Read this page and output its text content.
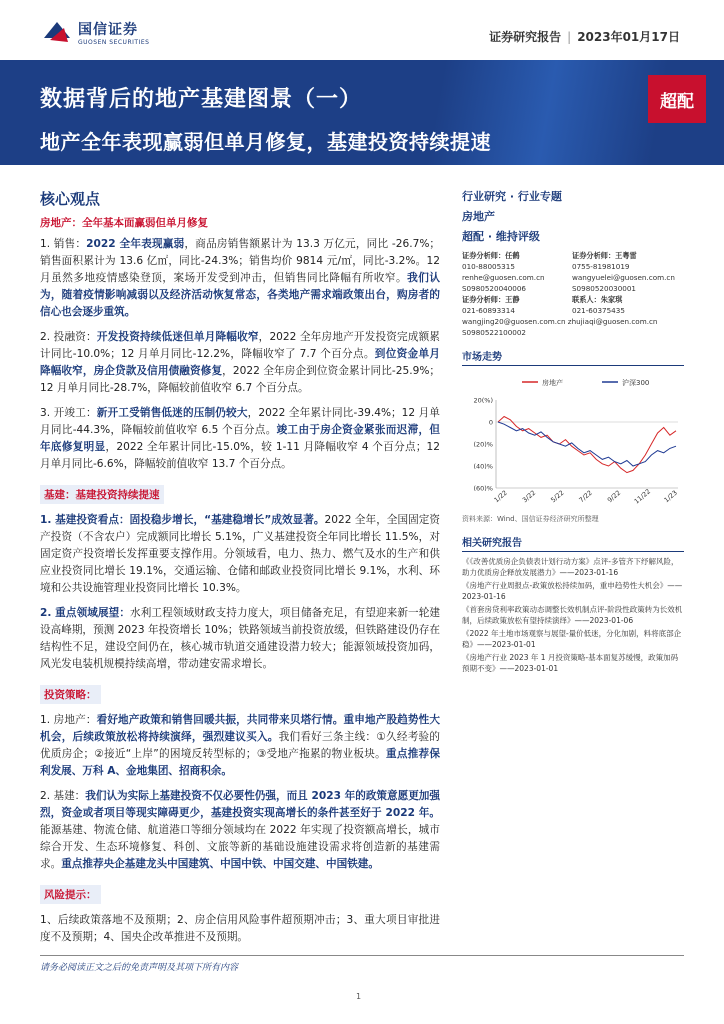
国信证券
GUOSEN SECURITIES	证券研究报告 | 2023年01月17日
数据背后的地产基建图景（一）
地产全年表现赢弱但单月修复，基建投资持续提速
超配
核心观点
房地产：全年基本面赢弱但单月修复

1. 销售：2022 全年表现赢弱，商品房销售额累计为 13.3 万亿元，同比 -26.7%；销售面积累计为 13.6 亿㎡，同比-24.3%；销售均价 9814 元/㎡，同比-3.2%。12 月虽然多地疫情感染登顶，案场开发受到冲击，但销售同比降幅有所收窄。我们认为，随着疫情影响减弱以及经济活动恢复常态，各类地产需求端政策出台，购房者的信心也会逐步重筑。

2. 投融资：开发投资持续低迷但单月降幅收窄，2022 全年房地产开发投资完成额累计同比-10.0%；12 月单月同比-12.2%，降幅收窄了 7.7 个百分点。到位资金单月降幅收窄，房企贷款及信用债融资修复，2022 全年房企到位资金累计同比-25.9%；12 月单月同比-28.7%，降幅较前值收窄 6.7 个百分点。

3. 开竣工：新开工受销售低迷的压制仍较大，2022 全年累计同比-39.4%；12 月单月同比-44.3%，降幅较前值收窄 6.5 个百分点。竣工由于房企资金紧张而迟滞，但年底修复明显，2022 全年累计同比-15.0%，较 1-11 月降幅收窄 4 个百分点；12 月单月同比-6.6%，降幅较前值收窄 13.7 个百分点。

基建：基建投资持续提速

1. 基建投资看点：固投稳步增长，“基建稳增长”成效显著。2022 全年，全国固定资产投资（不含农户）完成额同比增长 5.1%，广义基建投资全年同比增长 11.5%，对固定资产投资增长发挥重要支撑作用。分领域看，电力、热力、燃气及水的生产和供应业投资同比增长 19.1%，交通运输、仓储和邮政业投资同比增长 9.1%，水利、环境和公共设施管理业投资同比增长 10.3%。

2. 重点领域展望：水利工程领域财政支持力度大，项目储备充足，有望迎来新一轮建设高峰期，预测 2023 年投资增长 10%；铁路领域当前投资放缓，但铁路建设仍存在结构性不足，建设空间仍在，核心城市轨道交通建设潜力较大；能源领域投资加码，风光发电装机规模持续高增，带动建安需求增长。

投资策略：

1. 房地产：看好地产政策和销售回暖共振，共同带来贝塔行情。重申地产股趋势性大机会，后续政策放松将持续演绎，强烈建议买入。我们看好三条主线：①久经考验的优质房企；②接近“上岸”的困境反转型标的；③受地产拖累的物业板块。重点推荐保利发展、万科 A、金地集团、招商积余。

2. 基建：我们认为实际上基建投资不仅必要性仍强，而且 2023 年的政策意愿更加强烈，资金或者项目等现实障碍更少，基建投资实现高增长的条件甚至好于 2022 年。能源基建、物流仓储、航道港口等细分领域均在 2022 年实现了投资额高增长，城市综合开发、生态环境修复、科创、文旅等新的基础设施建设需求将创造新的基建需求。重点推荐央企基建龙头中国建筑、中国中铁、中国交建、中国铁建。

风险提示：

1、后续政策落地不及预期；2、房企信用风险事件超预期冲击；3、重大项目审批进度不及预期；4、国央企改革推进不及预期。

行业研究 · 行业专题
房地产
超配 · 维持评级
证券分析师：任鹤	证券分析师：王粤雷
010-88005315	0755-81981019
renhe@guosen.com.cn	wangyuelei@guosen.com.cn
S0980520040006	S0980520030001
证券分析师：王静	联系人：朱家琪
021-60893314	021-60375435
wangjing20@guosen.com.cn zhujiaqi@guosen.com.cn
S0980522100002
市场走势
房地产	沪深300
20(%)
0
(20)%
(40)%
(60)%
1/22 3/22 5/22 7/22 9/22 11/22 1/23
资料来源：Wind、国信证券经济研究所整理
相关研究报告
《《改善优质房企负债表计划行动方案》点评-多管齐下纾解风险，助力优质房企释放发展潜力》——2023-01-16
《房地产行业周报点-政策放松持续加码，重申趋势性大机会》——2023-01-16
《首套房贷利率政策动态调整长效机制点评-阶段性政策转为长效机制，后续政策放松有望持续演绎》——2023-01-06
《2022 年土地市场观察与展望-量价低迷，分化加剧，料将底部企稳》——2023-01-01
《房地产行业 2023 年 1 月投资策略-基本面复苏缓慢，政策加码预期不变》——2023-01-01
请务必阅读正文之后的免责声明及其项下所有内容
1
